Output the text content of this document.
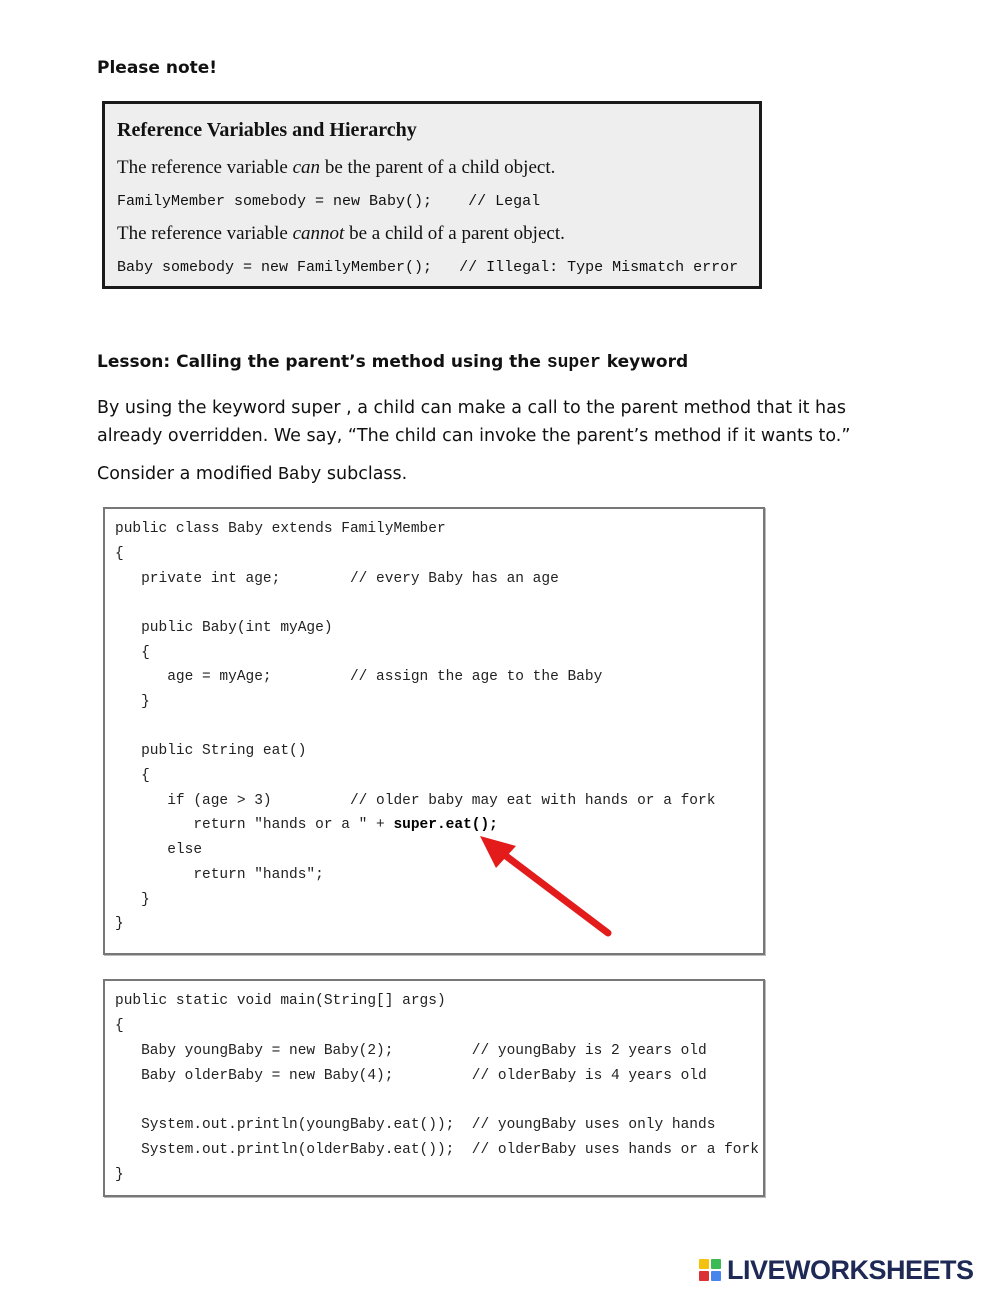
Please note!
Reference Variables and Hierarchy
The reference variable can be the parent of a child object.
FamilyMember somebody = new Baby(); // Legal
The reference variable cannot be a child of a parent object.
Baby somebody = new FamilyMember(); // Illegal: Type Mismatch error
Lesson: Calling the parent’s method using the super keyword
By using the keyword super , a child can make a call to the parent method that it has already overridden. We say, “The child can invoke the parent’s method if it wants to.”
Consider a modified Baby subclass.
public class Baby extends FamilyMember
{
private int age;        // every Baby has an age
public Baby(int myAge)
{
age = myAge;         // assign the age to the Baby
}
public String eat()
{
if (age > 3)         // older baby may eat with hands or a fork
return "hands or a " + super.eat();
else
return "hands";
}
}
public static void main(String[] args)
{
Baby youngBaby = new Baby(2);         // youngBaby is 2 years old
Baby olderBaby = new Baby(4);         // olderBaby is 4 years old
System.out.println(youngBaby.eat());  // youngBaby uses only hands
System.out.println(olderBaby.eat());  // olderBaby uses hands or a fork
}
LIVEWORKSHEETS
